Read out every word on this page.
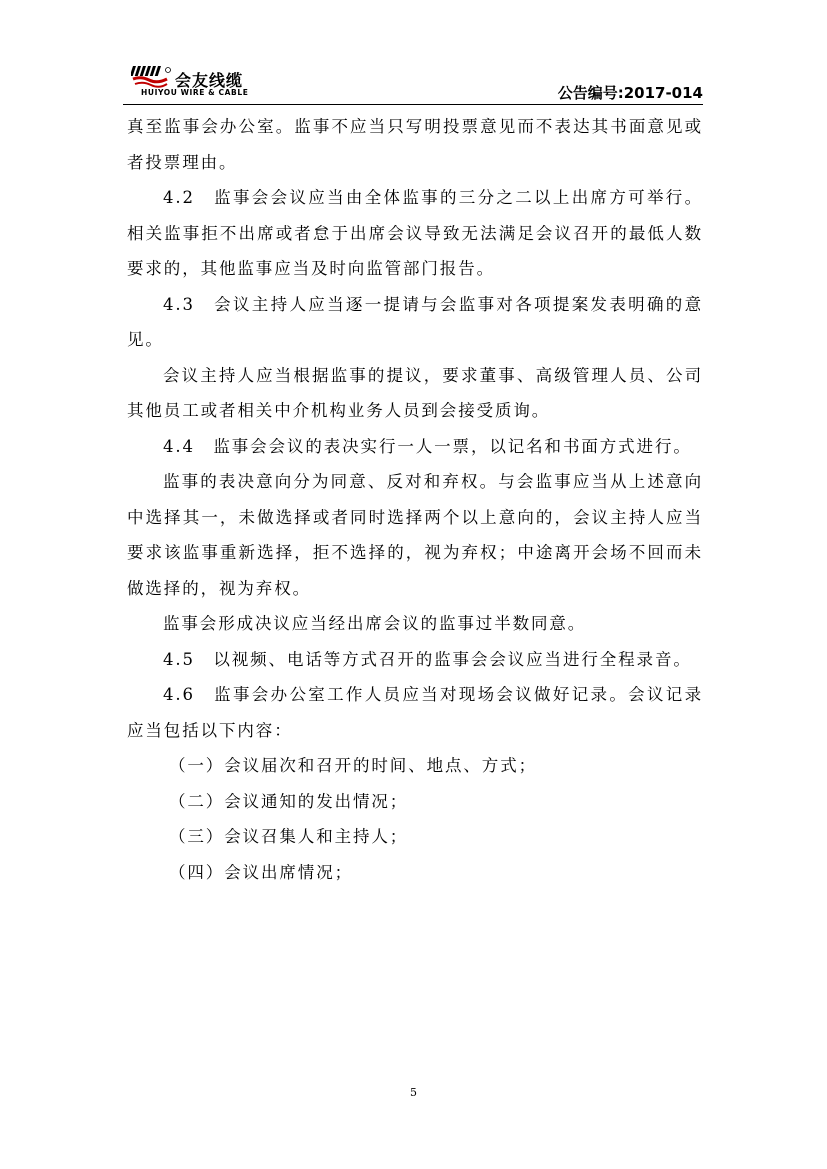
会友线缆
HUIYOU WIRE & CABLE	公告编号:2017-014

真至监事会办公室。监事不应当只写明投票意见而不表达其书面意见或者投票理由。

4.2　监事会会议应当由全体监事的三分之二以上出席方可举行。相关监事拒不出席或者怠于出席会议导致无法满足会议召开的最低人数要求的，其他监事应当及时向监管部门报告。

4.3　会议主持人应当逐一提请与会监事对各项提案发表明确的意见。

会议主持人应当根据监事的提议，要求董事、高级管理人员、公司其他员工或者相关中介机构业务人员到会接受质询。

4.4　监事会会议的表决实行一人一票，以记名和书面方式进行。

监事的表决意向分为同意、反对和弃权。与会监事应当从上述意向中选择其一，未做选择或者同时选择两个以上意向的，会议主持人应当要求该监事重新选择，拒不选择的，视为弃权；中途离开会场不回而未做选择的，视为弃权。

监事会形成决议应当经出席会议的监事过半数同意。

4.5　以视频、电话等方式召开的监事会会议应当进行全程录音。

4.6　监事会办公室工作人员应当对现场会议做好记录。会议记录应当包括以下内容：

（一）会议届次和召开的时间、地点、方式；

（二）会议通知的发出情况；

（三）会议召集人和主持人；

（四）会议出席情况；

5
